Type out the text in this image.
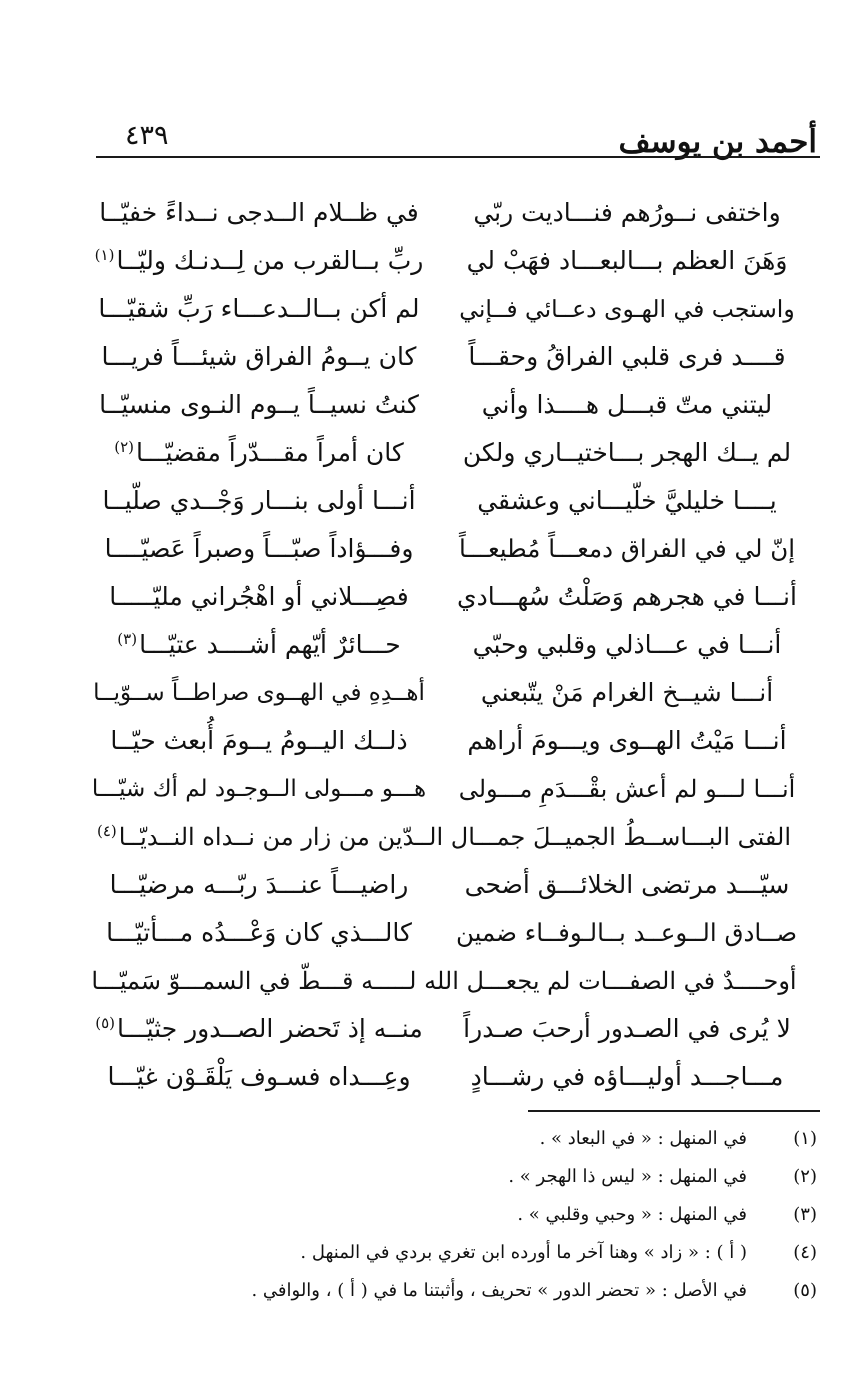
أحمد بن يوسف
٤٣٩
واختفى نــورُهم فنـــاديت ربّي
في ظــلام الــدجى نــداءً خفيّــا
وَهَنَ العظم بـــالبعـــاد فهَبْ لي
ربِّ بــالقرب من لِــدنـك وليّــا$^{(١)}$
واستجب في الهـوى دعــائي فــإني
لم أكن بــالــدعـــاء رَبِّ شقيّـــا
قــــد فرى قلبي الفراقُ وحقـــاً
كان يــومُ الفراق شيئـــاً فريـــا
ليتني متّ قبـــل هــــذا وأني
كنتُ نسيــاً يــوم النـوى منسيّــا
لم يــك الهجر بـــاختيــاري ولكن
كان أمراً مقـــدّراً مقضيّـــا$^{(٢)}$
يــــا خليليَّ خلّيـــاني وعشقي
أنـــا أولى بنـــار وَجْــدي صلّيــا
إنّ لي في الفراق دمعـــاً مُطيعـــاً
وفـــؤاداً صبّـــاً وصبراً عَصيّــــا
أنـــا في هجرهم وَصَلْتُ سُهـــادي
فصِـــلاني أو اهْجُراني مليّـــــا
أنـــا في عـــاذلي وقلبي وحبّي
حـــائرٌ أيّهم أشــــد عتيّـــا$^{(٣)}$
أنـــا شيــخ الغرام مَنْ يتّبعني
أهــدِهِ في الهــوى صراطــاً ســوّيــا
أنـــا مَيْتُ الهــوى ويـــومَ أراهم
ذلــك اليــومُ يــومَ أُبعث حيّــا
أنـــا لـــو لم أعش بقْـــدَمِ مـــولى
هـــو مـــولى الــوجـود لم أك شيّـــا
الفتى البـــاســطُ الجميــلَ جمـــال الــدّين من زار من نــداه النــديّــا$^{(٤)}$
سيّـــد مرتضى الخلائـــق أضحى
راضيـــاً عنـــدَ ربّـــه مرضيّـــا
صــادق الــوعــد بــالـوفــاء ضمين
كالـــذي كان وَعْـــدُه مـــأتيّـــا
أوحــــدٌ في الصفـــات لم يجعـــل الله لـــــه قـــطّ في السمـــوّ سَميّـــا
لا يُرى في الصـدور أرحبَ صـدراً
منــه إذ تَحضر الصــدور جثيّـــا$^{(٥)}$
مـــاجـــد أوليـــاؤه في رشـــادٍ
وعِـــداه فسـوف يَلْقَـوْن غيّـــا
(١)
في المنهل : « في البعاد » .
(٢)
في المنهل : « ليس ذا الهجر » .
(٣)
في المنهل : « وحبي وقلبي » .
(٤)
( أ ) : « زاد » وهنا آخر ما أورده ابن تغري بردي في المنهل .
(٥)
في الأصل : « تحضر الدور » تحريف ، وأثبتنا ما في ( أ ) ، والوافي .
